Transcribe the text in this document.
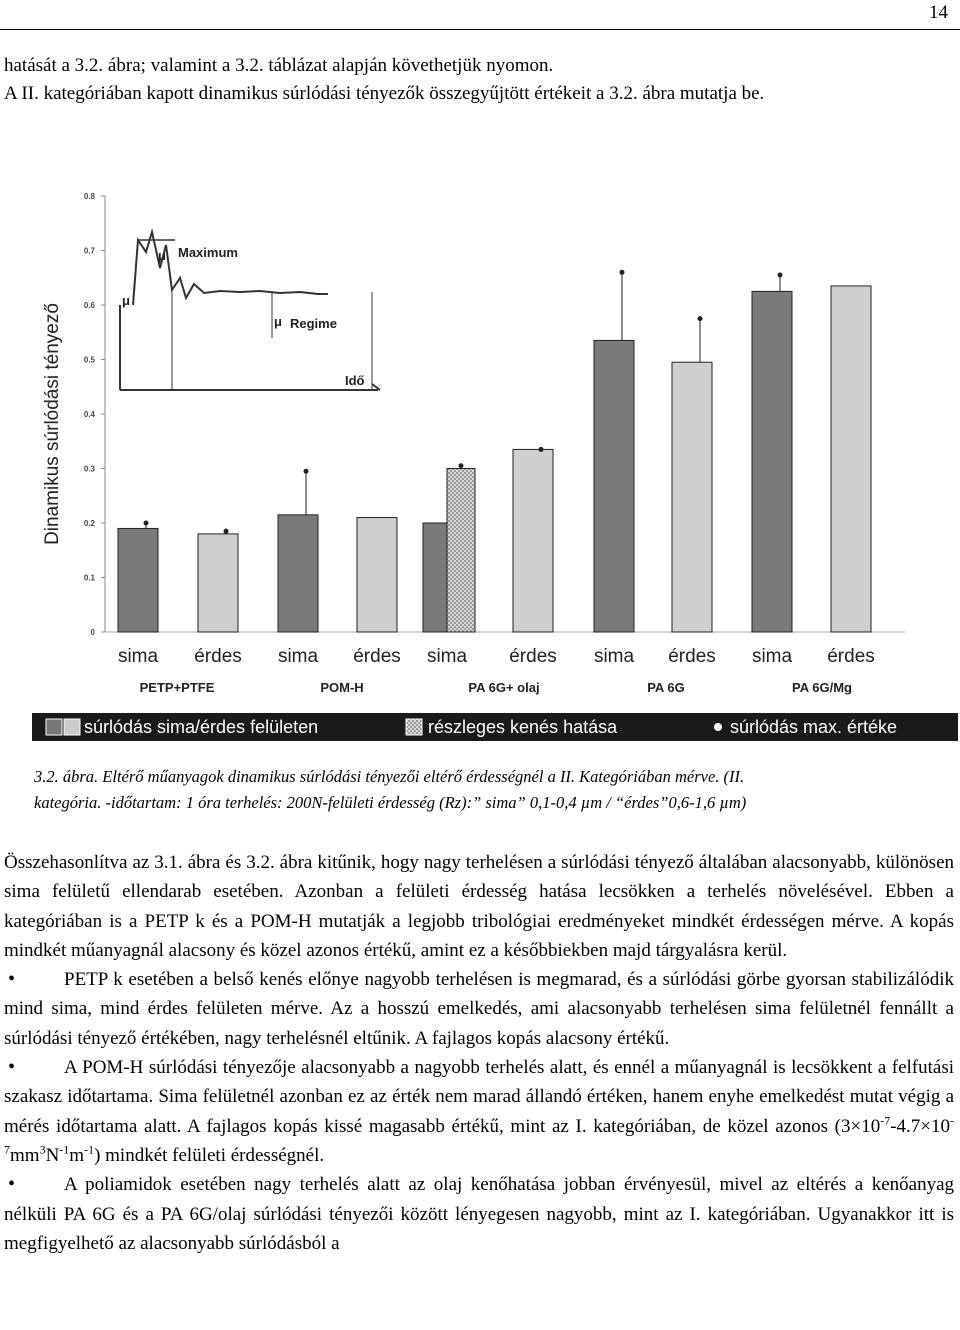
14

hatását a 3.2. ábra; valamint a 3.2. táblázat alapján követhetjük nyomon.

A II. kategóriában kapott dinamikus súrlódási tényezők összegyűjtött értékeit a 3.2. ábra mutatja be.

0
0.1
0.2
0.3
0.4
0.5
0.6
0.7
0.8
Dinamikus súrlódási tényező
μ Maximum
μ
μ Regime
Idő
sima érdes sima érdes sima érdes sima érdes sima érdes
PETP+PTFE	POM-H	PA 6G+ olaj	PA 6G	PA 6G/Mg
súrlódás sima/érdes felületen	részleges kenés hatása	súrlódás max. értéke

3.2. ábra. Eltérő műanyagok dinamikus súrlódási tényezői eltérő érdességnél a II. Kategóriában mérve. (II.

kategória. -időtartam: 1 óra terhelés: 200N-felületi érdesség (Rz):” sima” 0,1-0,4 µm / “érdes”0,6-1,6 µm)

Összehasonlítva az 3.1. ábra és 3.2. ábra kitűnik, hogy nagy terhelésen a súrlódási tényező általában alacsonyabb, különösen sima felületű ellendarab esetében. Azonban a felületi érdesség hatása lecsökken a terhelés növelésével. Ebben a kategóriában is a PETP k és a POM-H mutatják a legjobb tribológiai eredményeket mindkét érdességen mérve. A kopás mindkét műanyagnál alacsony és közel azonos értékű, amint ez a későbbiekben majd tárgyalásra kerül.

•	PETP k esetében a belső kenés előnye nagyobb terhelésen is megmarad, és a súrlódási görbe gyorsan stabilizálódik mind sima, mind érdes felületen mérve. Az a hosszú emelkedés, ami alacsonyabb terhelésen sima felületnél fennállt a súrlódási tényező értékében, nagy terhelésnél eltűnik. A fajlagos kopás alacsony értékű.

•	A POM-H súrlódási tényezője alacsonyabb a nagyobb terhelés alatt, és ennél a műanyagnál is lecsökkent a felfutási szakasz időtartama. Sima felületnél azonban ez az érték nem marad állandó értéken, hanem enyhe emelkedést mutat végig a mérés időtartama alatt. A fajlagos kopás kissé magasabb értékű, mint az I. kategóriában, de közel azonos $(3\times 10^{-7}-4.7\times 10^{-7}mm^3N^{-1}m^{-1})$ mindkét felületi érdességnél.

•	A poliamidok esetében nagy terhelés alatt az olaj kenőhatása jobban érvényesül, mivel az eltérés a kenőanyag nélküli PA 6G és a PA 6G/olaj súrlódási tényezői között lényegesen nagyobb, mint az I. kategóriában. Ugyanakkor itt is megfigyelhető az alacsonyabb súrlódásból a
